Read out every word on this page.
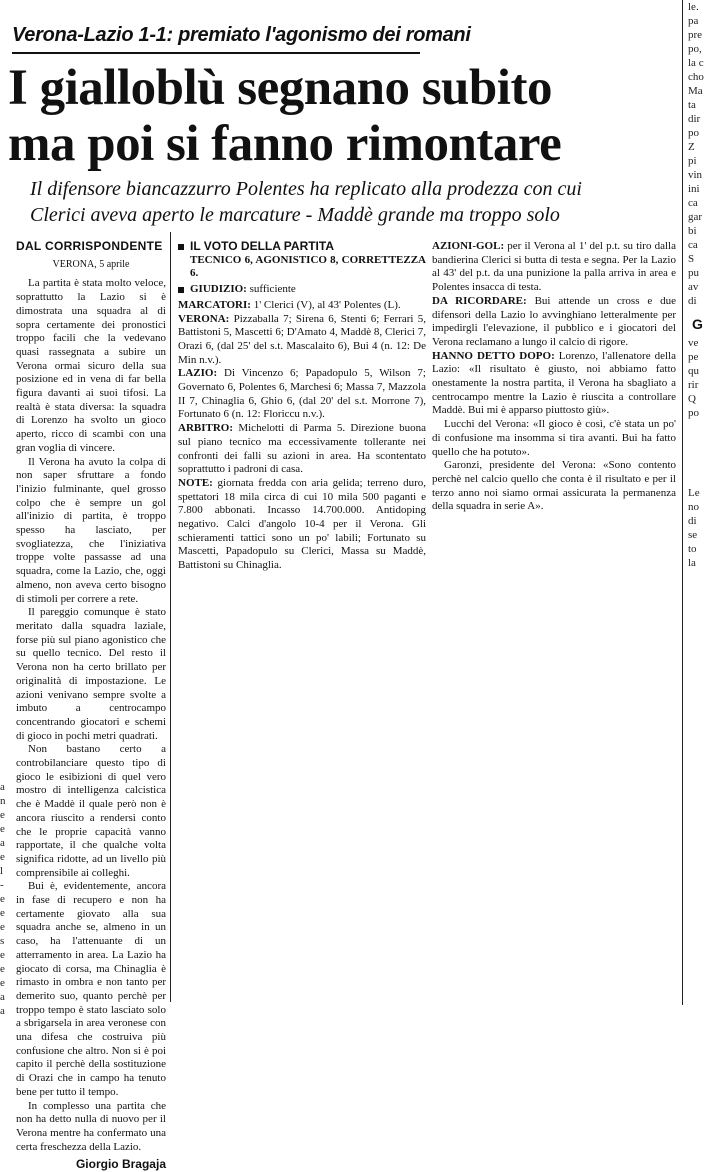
Verona-Lazio 1-1: premiato l'agonismo dei romani
I gialloblù segnano subito
ma poi si fanno rimontare
Il difensore biancazzurro Polentes ha replicato alla prodezza con cui
Clerici aveva aperto le marcature - Maddè grande ma troppo solo
a
n
e
e
a
e
l
-
e
e
e
s
e
e
e
a
a
DAL CORRISPONDENTE
VERONA, 5 aprile

La partita è stata molto veloce, soprattutto la Lazio si è dimostrata una squadra al di sopra certamente dei pronostici troppo facili che la vedevano quasi rassegnata a subire un Verona ormai sicuro della sua posizione ed in vena di far bella figura davanti ai suoi tifosi. La realtà è stata diversa: la squadra di Lorenzo ha svolto un gioco aperto, ricco di scambi con una gran voglia di vincere.

Il Verona ha avuto la colpa di non saper sfruttare a fondo l'inizio fulminante, quel grosso colpo che è sempre un gol all'inizio di partita, è troppo spesso ha lasciato, per svogliatezza, che l'iniziativa troppe volte passasse ad una squadra, come la Lazio, che, oggi almeno, non aveva certo bisogno di stimoli per correre a rete.

Il pareggio comunque è stato meritato dalla squadra laziale, forse più sul piano agonistico che su quello tecnico. Del resto il Verona non ha certo brillato per originalità di impostazione. Le azioni venivano sempre svolte a imbuto a centrocampo concentrando giocatori e schemi di gioco in pochi metri quadrati.

Non bastano certo a controbilanciare questo tipo di gioco le esibizioni di quel vero mostro di intelligenza calcistica che è Maddè il quale però non è ancora riuscito a rendersi conto che le proprie capacità vanno rapportate, il che qualche volta significa ridotte, ad un livello più comprensibile ai colleghi.

Bui è, evidentemente, ancora in fase di recupero e non ha certamente giovato alla sua squadra anche se, almeno in un caso, ha l'attenuante di un atterramento in area. La Lazio ha giocato di corsa, ma Chinaglia è rimasto in ombra e non tanto per demerito suo, quanto perchè per troppo tempo è stato lasciato solo a sbrigarsela in area veronese con una difesa che costruiva più confusione che altro. Non si è poi capito il perchè della sostituzione di Orazi che in campo ha tenuto bene per tutto il tempo.

In complesso una partita che non ha detto nulla di nuovo per il Verona mentre ha confermato una certa freschezza della Lazio.

Giorgio Bragaja
IL VOTO DELLA PARTITA
TECNICO 6, AGONISTICO 8, CORRETTEZZA 6.
GIUDIZIO: sufficiente
MARCATORI: 1' Clerici (V), al 43' Polentes (L).
VERONA: Pizzaballa 7; Sirena 6, Stenti 6; Ferrari 5, Battistoni 5, Mascetti 6; D'Amato 4, Maddè 8, Clerici 7, Orazi 6, (dal 25' del s.t. Mascalaito 6), Bui 4 (n. 12: De Min n.v.).
LAZIO: Di Vincenzo 6; Papadopulo 5, Wilson 7; Governato 6, Polentes 6, Marchesi 6; Massa 7, Mazzola II 7, Chinaglia 6, Ghio 6, (dal 20' del s.t. Morrone 7), Fortunato 6 (n. 12: Floriccu n.v.).
ARBITRO: Michelotti di Parma 5. Direzione buona sul piano tecnico ma eccessivamente tollerante nei confronti dei falli su azioni in area. Ha scontentato soprattutto i padroni di casa.
NOTE: giornata fredda con aria gelida; terreno duro, spettatori 18 mila circa di cui 10 mila 500 paganti e 7.800 abbonati. Incasso 14.700.000. Antidoping negativo. Calci d'angolo 10-4 per il Verona. Gli schieramenti tattici sono un po' labili; Fortunato su Mascetti, Papadopulo su Clerici, Massa su Maddè, Battistoni su Chinaglia.
AZIONI-GOL: per il Verona al 1' del p.t. su tiro dalla bandierina Clerici si butta di testa e segna. Per la Lazio al 43' del p.t. da una punizione la palla arriva in area e Polentes insacca di testa.
DA RICORDARE: Bui attende un cross e due difensori della Lazio lo avvinghiano letteralmente per impedirgli l'elevazione, il pubblico e i giocatori del Verona reclamano a lungo il calcio di rigore.
HANNO DETTO DOPO: Lorenzo, l'allenatore della Lazio: «Il risultato è giusto, noi abbiamo fatto onestamente la nostra partita, il Verona ha sbagliato a centrocampo mentre la Lazio è riuscita a controllare Maddè. Bui mi è apparso piuttosto giù».

Lucchi del Verona: «Il gioco è così, c'è stata un po' di confusione ma insomma si tira avanti. Bui ha fatto quello che ha potuto».

Garonzi, presidente del Verona: «Sono contento perchè nel calcio quello che conta è il risultato e per il terzo anno noi siamo ormai assicurata la permanenza della squadra in serie A».

le.
pa
pre
po,
la c
cho
Ma
ta
dir
po
Z
pi
vin
ini
ca
gar
bi
ca
S
pu
av
di
G
Le
no
di
se
to
la
ve
pe
qu
rir
Q
po
